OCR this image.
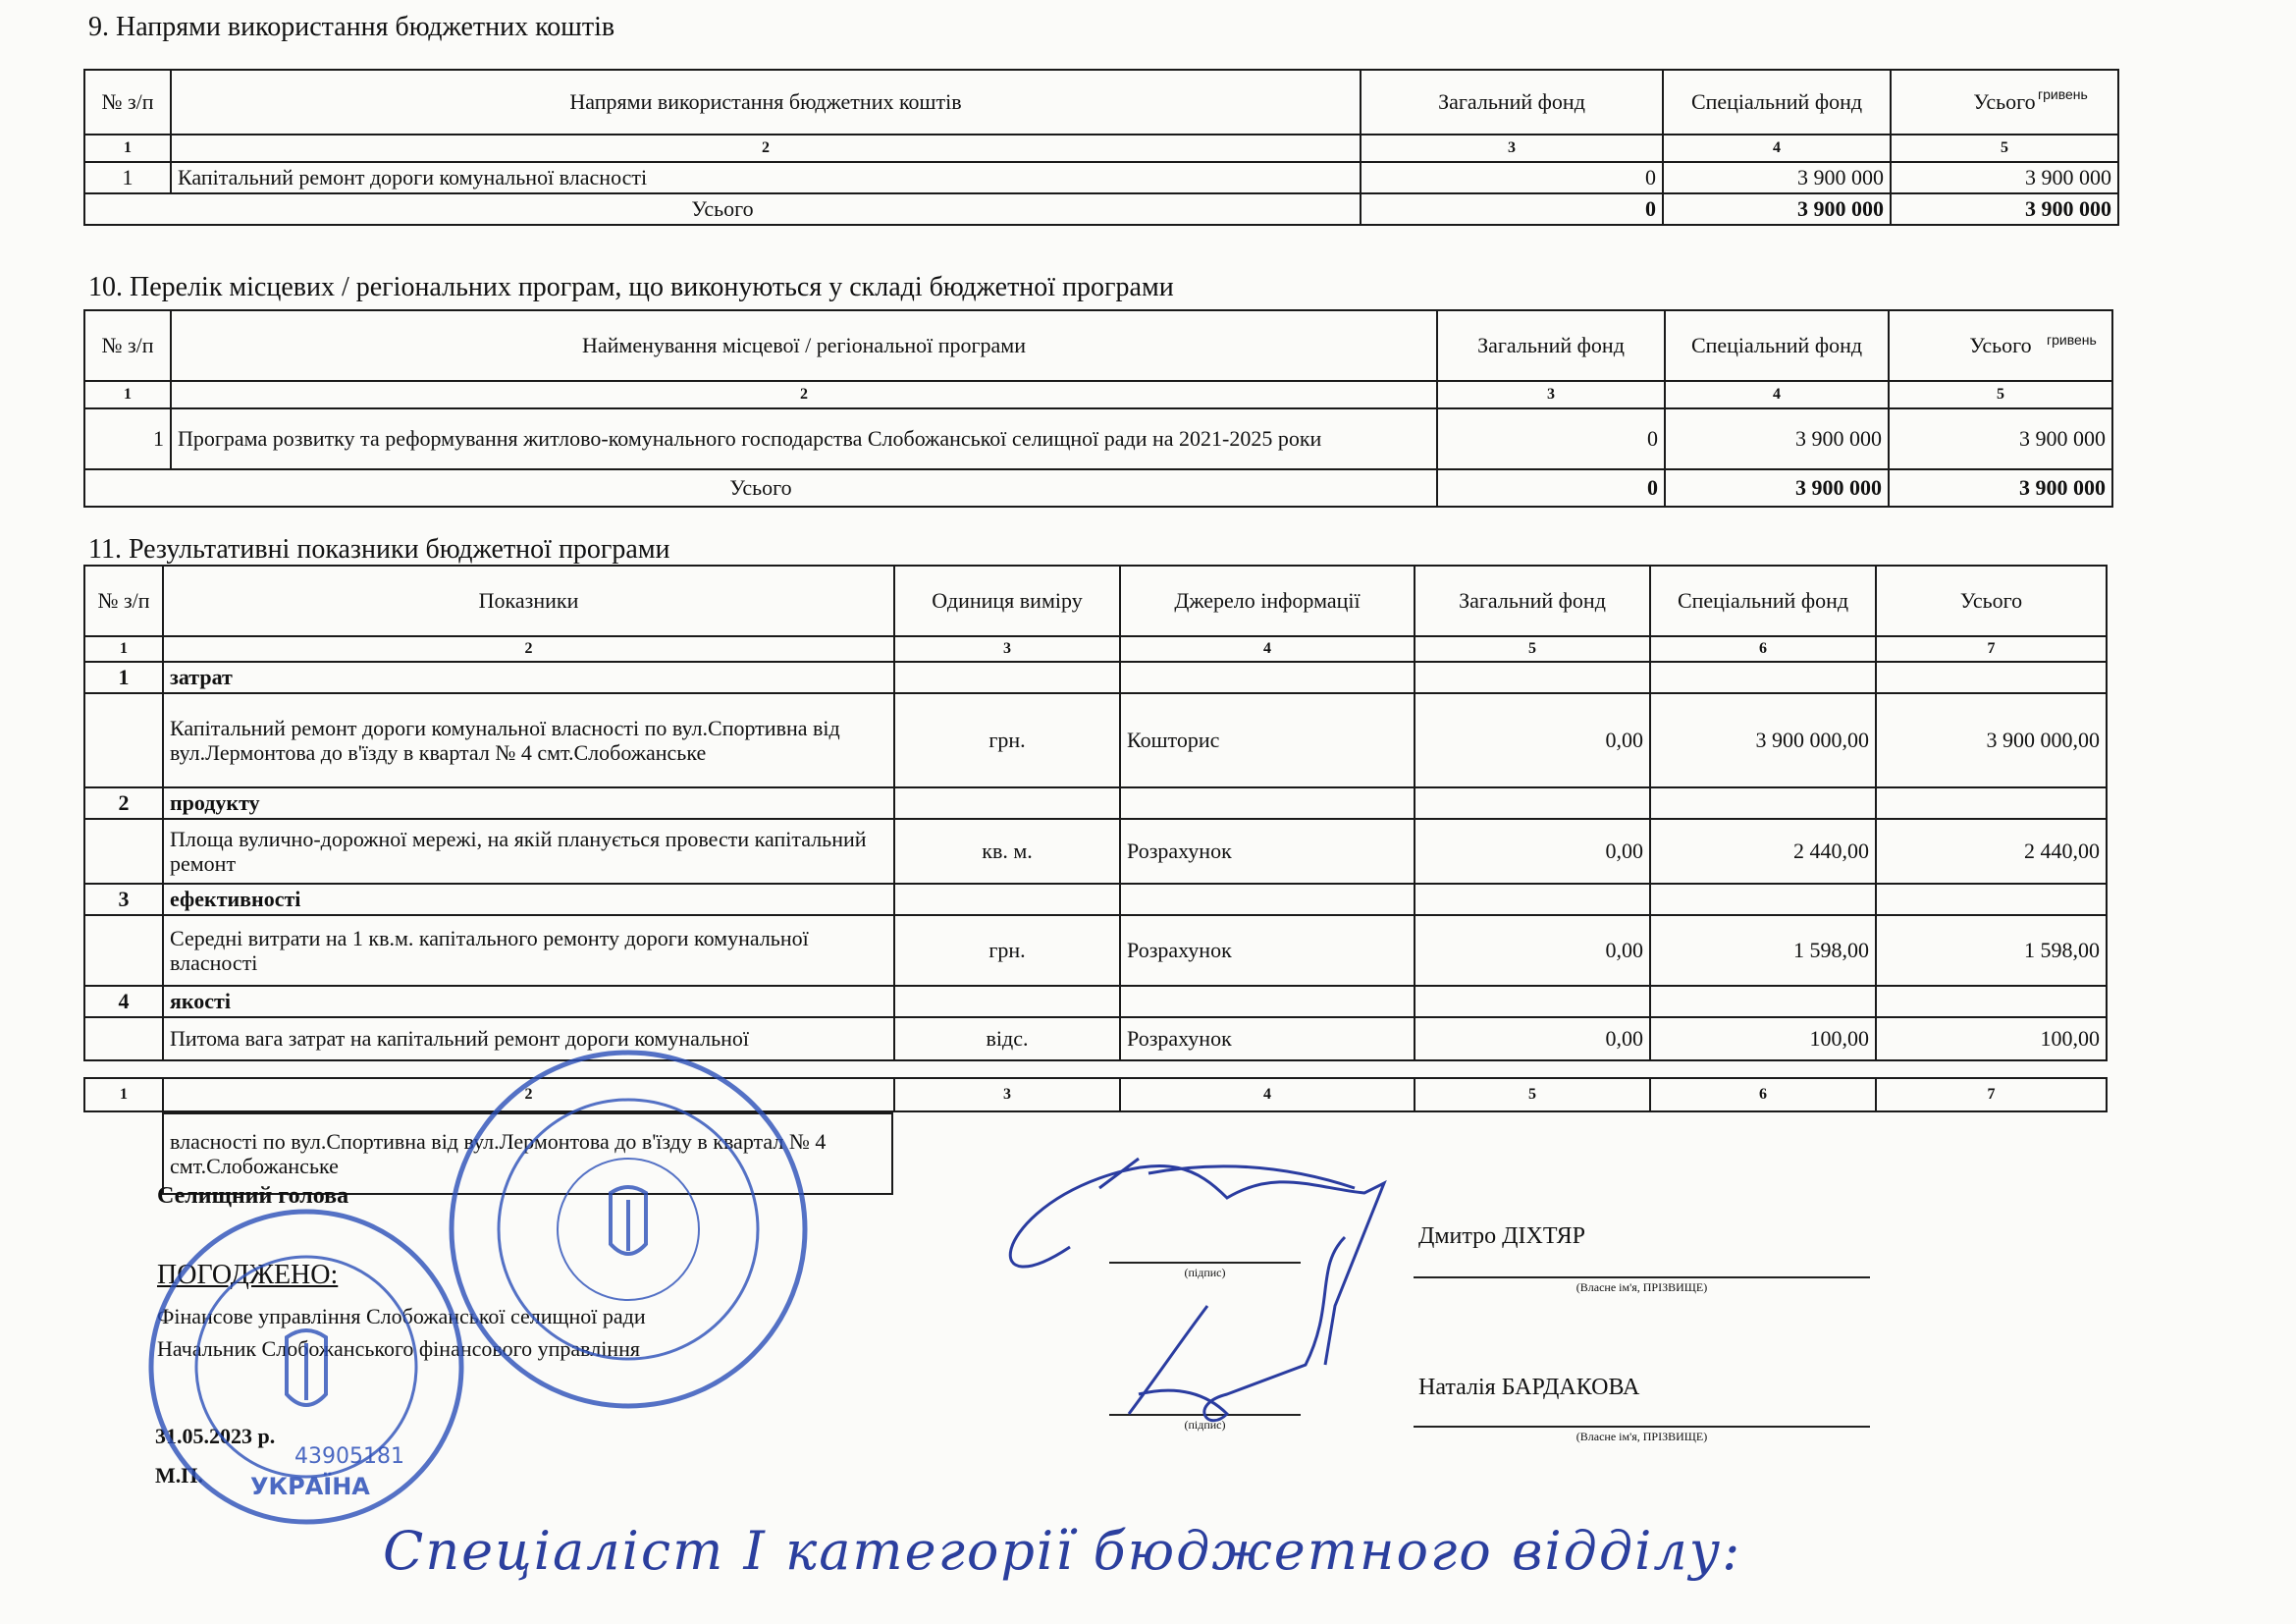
9. Напрями використання бюджетних коштів
гривень
№ з/п	Напрями використання бюджетних коштів	Загальний фонд	Спеціальний фонд	Усього
1	2	3	4	5
1	Капітальний ремонт дороги комунальної власності	0	3 900 000	3 900 000
Усього		0	3 900 000	3 900 000
10. Перелік місцевих / регіональних програм, що виконуються у складі бюджетної програми
гривень
№ з/п	Найменування місцевої / регіональної програми	Загальний фонд	Спеціальний фонд	Усього
1	2	3	4	5
1	Програма розвитку та реформування житлово-комунального господарства Слобожанської селищної ради на 2021-2025 роки	0	3 900 000	3 900 000
Усього		0	3 900 000	3 900 000
11. Результативні показники бюджетної програми
№ з/п	Показники	Одиниця виміру	Джерело інформації	Загальний фонд	Спеціальний фонд	Усього
1	2	3	4	5	6	7
1	затрат					
	Капітальний ремонт дороги комунальної власності по вул.Спортивна від вул.Лермонтова до в'їзду в квартал № 4 смт.Слобожанське	грн.	Кошторис	0,00	3 900 000,00	3 900 000,00
2	продукту					
	Площа вулично-дорожної мережі, на якій планується провести капітальний ремонт	кв. м.	Розрахунок	0,00	2 440,00	2 440,00
3	ефективності					
	Середні витрати на 1 кв.м. капітального ремонту дороги комунальної власності	грн.	Розрахунок	0,00	1 598,00	1 598,00
4	якості					
	Питома вага затрат на капітальний ремонт дороги комунальної	відс.	Розрахунок	0,00	100,00	100,00
1	2	3	4	5	6	7
власності по вул.Спортивна від вул.Лермонтова до в'їзду в квартал № 4 смт.Слобожанське
Селищний голова
ПОГОДЖЕНО:
Фінансове управління Слобожанської селищної ради
Начальник Слобожанського фінансового управління
31.05.2023 р.
М.П.
Дмитро ДІХТЯР
Наталія БАРДАКОВА
(підпис)
(Власне ім'я, ПРІЗВИЩЕ)
(підпис)
(Власне ім'я, ПРІЗВИЩЕ)
Спеціаліст І категорії бюджетного відділу:
43905181
УКРАЇНА
